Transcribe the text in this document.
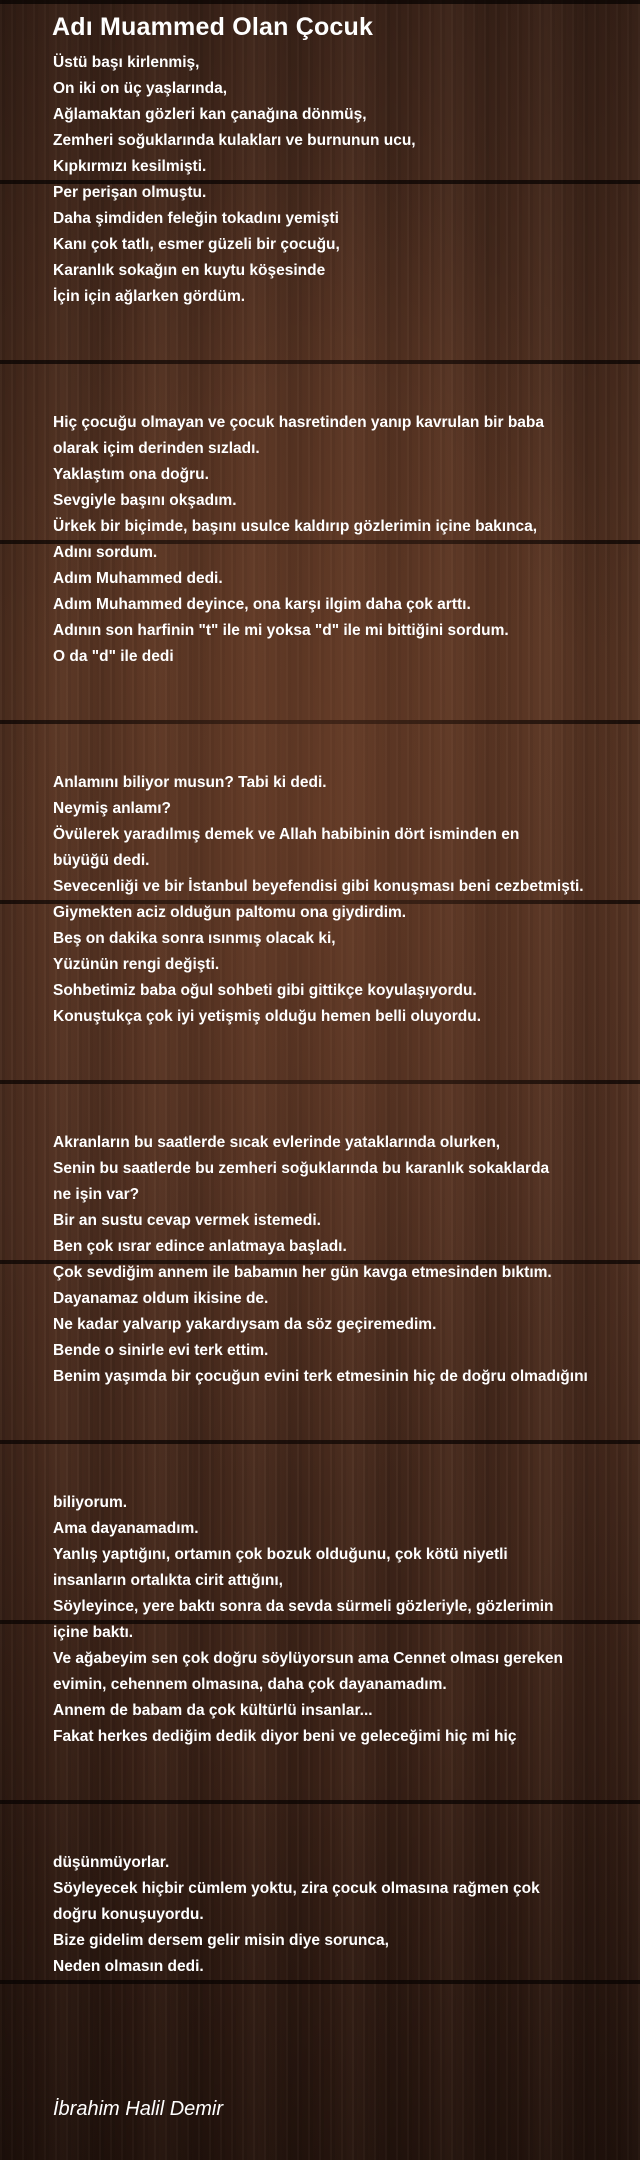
Adı Muammed Olan Çocuk
Üstü başı kirlenmiş,
On iki on üç yaşlarında,
Ağlamaktan gözleri kan çanağına dönmüş,
Zemheri soğuklarında kulakları ve burnunun ucu,
Kıpkırmızı kesilmişti.
Per perişan olmuştu.
Daha şimdiden feleğin tokadını yemişti
Kanı çok tatlı, esmer güzeli bir çocuğu,
Karanlık sokağın en kuytu köşesinde
İçin için ağlarken gördüm.
Hiç çocuğu olmayan ve çocuk hasretinden yanıp kavrulan bir baba
olarak içim derinden sızladı.
Yaklaştım ona doğru.
Sevgiyle başını okşadım.
Ürkek bir biçimde, başını usulce kaldırıp gözlerimin içine bakınca,
Adını sordum.
Adım Muhammed dedi.
Adım Muhammed deyince, ona karşı ilgim daha çok arttı.
Adının son harfinin "t" ile mi yoksa "d" ile mi bittiğini sordum.
O da "d" ile dedi
Anlamını biliyor musun? Tabi ki dedi.
Neymiş anlamı?
Övülerek yaradılmış demek ve Allah habibinin dört isminden en
büyüğü dedi.
Sevecenliği ve bir İstanbul beyefendisi gibi konuşması beni cezbetmişti.
Giymekten aciz olduğun paltomu ona giydirdim.
Beş on dakika sonra ısınmış olacak ki,
Yüzünün rengi değişti.
Sohbetimiz baba oğul sohbeti gibi gittikçe koyulaşıyordu.
Konuştukça çok iyi yetişmiş olduğu hemen belli oluyordu.
Akranların bu saatlerde sıcak evlerinde yataklarında olurken,
Senin bu saatlerde bu zemheri soğuklarında bu karanlık sokaklarda
ne işin var?
Bir an sustu cevap vermek istemedi.
Ben çok ısrar edince anlatmaya başladı.
Çok sevdiğim annem ile babamın her gün kavga etmesinden bıktım.
Dayanamaz oldum ikisine de.
Ne kadar yalvarıp yakardıysam da söz geçiremedim.
Bende o sinirle evi terk ettim.
Benim yaşımda bir çocuğun evini terk etmesinin hiç de doğru olmadığını
biliyorum.
Ama dayanamadım.
Yanlış yaptığını, ortamın çok bozuk olduğunu, çok kötü niyetli
insanların ortalıkta cirit attığını,
Söyleyince, yere baktı sonra da sevda sürmeli gözleriyle, gözlerimin
içine baktı.
Ve ağabeyim sen çok doğru söylüyorsun ama Cennet olması gereken
evimin, cehennem olmasına, daha çok dayanamadım.
Annem de babam da çok kültürlü insanlar...
Fakat herkes dediğim dedik diyor beni ve geleceğimi hiç mi hiç
düşünmüyorlar.
Söyleyecek hiçbir cümlem yoktu, zira çocuk olmasına rağmen çok
doğru konuşuyordu.
Bize gidelim dersem gelir misin diye sorunca,
Neden olmasın dedi.
İbrahim Halil Demir
